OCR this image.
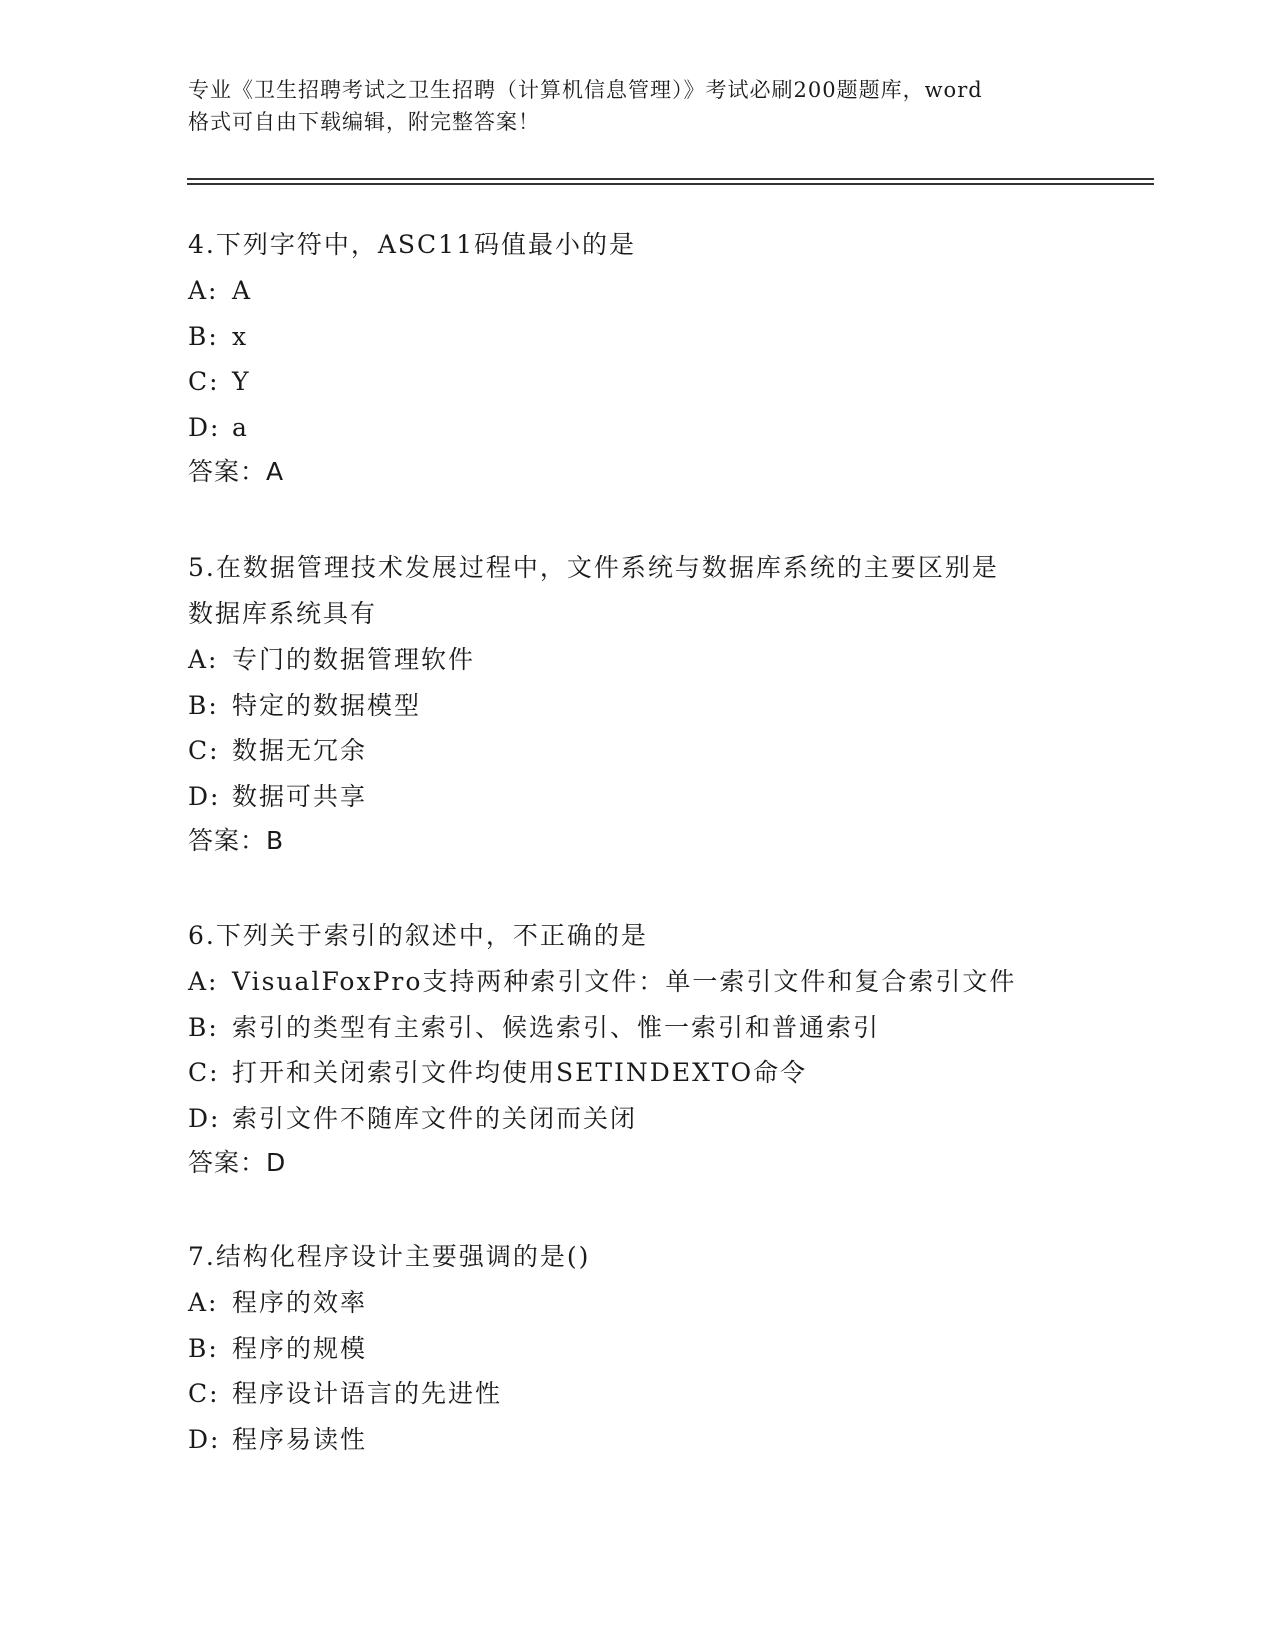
专业《卫生招聘考试之卫生招聘（计算机信息管理）》考试必刷200题题库，word
格式可自由下载编辑，附完整答案！
4.下列字符中，ASC11码值最小的是
A: A
B: x
C: Y
D: a
答案：A
5.在数据管理技术发展过程中，文件系统与数据库系统的主要区别是
数据库系统具有
A: 专门的数据管理软件
B: 特定的数据模型
C: 数据无冗余
D: 数据可共享
答案：B
6.下列关于索引的叙述中，不正确的是
A: VisualFoxPro支持两种索引文件：单一索引文件和复合索引文件
B: 索引的类型有主索引、候选索引、惟一索引和普通索引
C: 打开和关闭索引文件均使用SETINDEXTO命令
D: 索引文件不随库文件的关闭而关闭
答案：D
7.结构化程序设计主要强调的是()
A: 程序的效率
B: 程序的规模
C: 程序设计语言的先进性
D: 程序易读性
